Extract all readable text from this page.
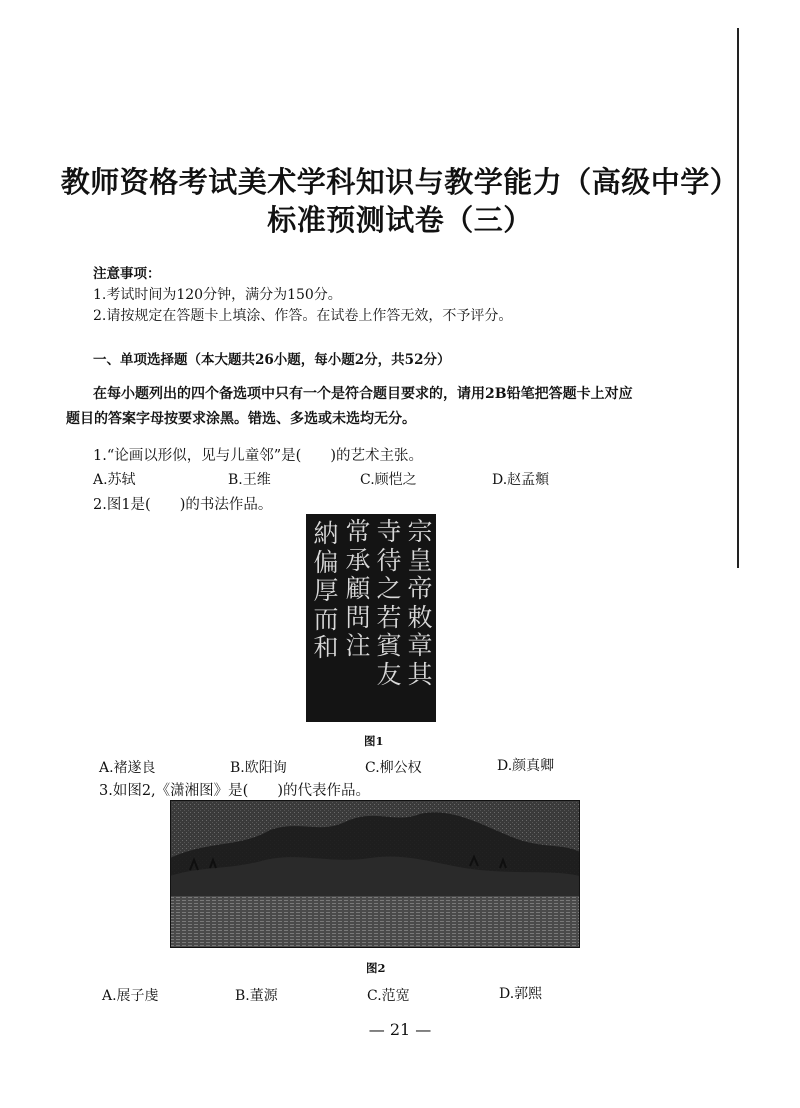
教师资格考试美术学科知识与教学能力（高级中学）
标准预测试卷（三）
注意事项：
1.考试时间为120分钟，满分为150分。
2.请按规定在答题卡上填涂、作答。在试卷上作答无效，不予评分。
一、单项选择题（本大题共26小题，每小题2分，共52分）
在每小题列出的四个备选项中只有一个是符合题目要求的，请用2B铅笔把答题卡上对应
题目的答案字母按要求涂黑。错选、多选或未选均无分。
1.“论画以形似，见与儿童邻”是(　　)的艺术主张。
A.苏轼	B.王维	C.顾恺之	D.赵孟頫
2.图1是(　　)的书法作品。
宗
皇
帝
敕
章
其
寺
待
之
若
賓
友
常
承
顧
問
注
納
偏
厚
而
和
图1
A.褚遂良	B.欧阳询	C.柳公权	D.颜真卿
3.如图2,《潇湘图》是(　　)的代表作品。
图2
A.展子虔	B.董源	C.范宽	D.郭熙
— 21 —
